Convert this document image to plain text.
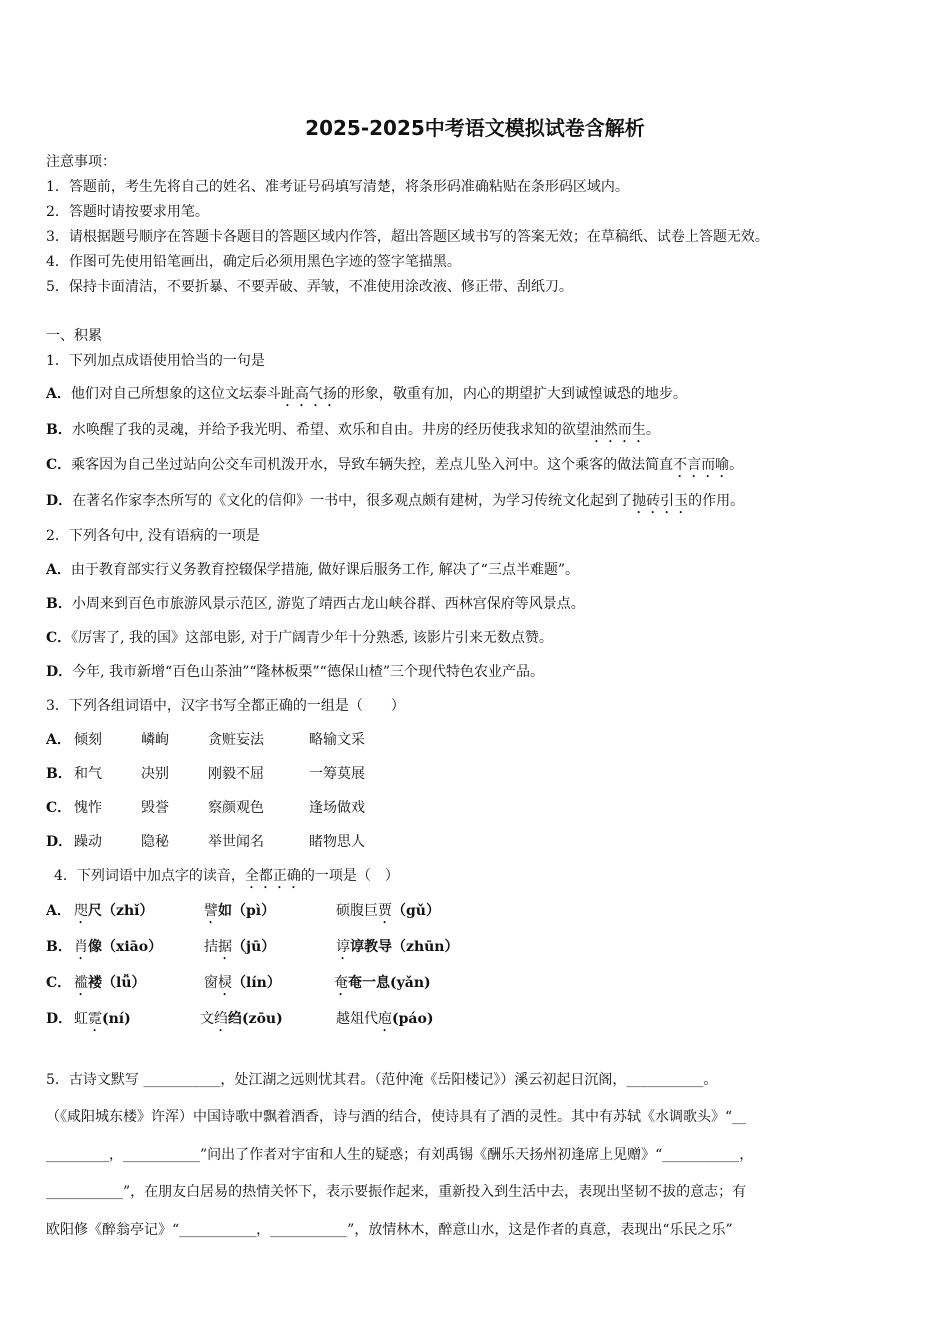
2025-2025中考语文模拟试卷含解析
注意事项：
1．答题前，考生先将自己的姓名、准考证号码填写清楚，将条形码准确粘贴在条形码区域内。
2．答题时请按要求用笔。
3．请根据题号顺序在答题卡各题目的答题区域内作答，超出答题区域书写的答案无效；在草稿纸、试卷上答题无效。
4．作图可先使用铅笔画出，确定后必须用黑色字迹的签字笔描黑。
5．保持卡面清洁，不要折暴、不要弄破、弄皱，不准使用涂改液、修正带、刮纸刀。
一、积累
1．下列加点成语使用恰当的一句是
A．他们对自己所想象的这位文坛泰斗趾高气扬的形象，敬重有加，内心的期望扩大到诚惶诚恐的地步。
B．水唤醒了我的灵魂，并给予我光明、希望、欢乐和自由。井房的经历使我求知的欲望油然而生。
C．乘客因为自己坐过站向公交车司机泼开水，导致车辆失控，差点儿坠入河中。这个乘客的做法简直不言而喻。
D．在著名作家李杰所写的《文化的信仰》一书中，很多观点颇有建树，为学习传统文化起到了抛砖引玉的作用。
2．下列各句中, 没有语病的一项是
A．由于教育部实行义务教育控辍保学措施, 做好课后服务工作, 解决了“三点半难题”。
B．小周来到百色市旅游风景示范区, 游览了靖西古龙山峡谷群、西林宫保府等风景点。
C．《厉害了, 我的国》这部电影, 对于广阔青少年十分熟悉, 该影片引来无数点赞。
D．今年, 我市新增“百色山茶油”“隆林板栗”“德保山楂”三个现代特色农业产品。
3．下列各组词语中，汉字书写全都正确的一组是（　　）
A． 倾刻	嶙峋	贪赃妄法	略输文采
B． 和气	决别	刚毅不屈	一筹莫展
C． 愧怍	毁誉	察颜观色	逢场做戏
D． 躁动	隐秘	举世闻名	睹物思人
4．下列词语中加点字的读音，全都正确的一项是（　）
A． 咫尺（zhǐ）	譬如（pì）	硕腹巨贾（gǔ）
B． 肖像（xiāo）	拮据（jū）	谆谆教导（zhūn）
C． 褴褛（lǚ）	窗棂（lín）	奄奄一息(yǎn)
D． 虹霓(ní)	文绉绉(zōu)	越俎代庖(páo)
5．古诗文默写 ___________，处江湖之远则忧其君。（范仲淹《岳阳楼记》）溪云初起日沉阁，___________。
（《咸阳城东楼》许浑）中国诗歌中飘着酒香，诗与酒的结合，使诗具有了酒的灵性。其中有苏轼《水调歌头》“__
_________，___________”问出了作者对宇宙和人生的疑惑；有刘禹锡《酬乐天扬州初逢席上见赠》“___________，
___________”，在朋友白居易的热情关怀下，表示要振作起来，重新投入到生活中去，表现出坚韧不拔的意志；有
欧阳修《醉翁亭记》“___________，___________”，放情林木，醉意山水，这是作者的真意，表现出“乐民之乐”
